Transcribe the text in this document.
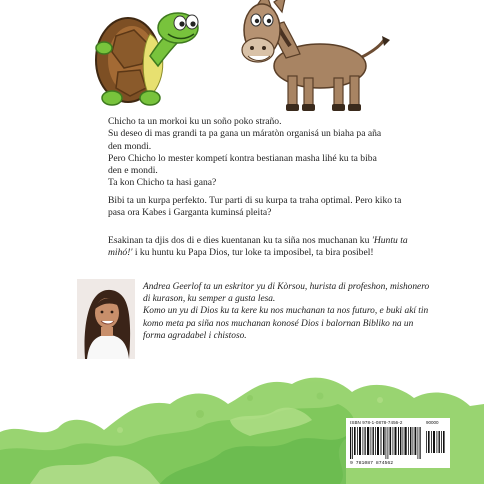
Chicho ta un morkoi ku un soño poko straño.
Su deseo di mas grandi ta pa gana un máratòn organisá un biaha pa aña
den mondi.
Pero Chicho lo mester kompetí kontra bestianan masha lihé ku ta biba
den e mondi.
Ta kon Chicho ta hasi gana?

Bibi ta un kurpa perfekto. Tur parti di su kurpa ta traha optimal. Pero kiko ta pasa ora Kabes i Garganta kuminsá pleita?

Esakinan ta djis dos di e dies kuentanan ku ta siña nos muchanan ku 'Huntu ta mihó!' i ku huntu ku Papa Dios, tur loke ta imposibel, ta bira posibel!

Andrea Geerlof ta un eskritor yu di Kòrsou, hurista di profeshon, mishonero di kurason, ku semper a gusta lesa.

Komo un yu di Dios ku ta kere ku nos muchanan ta nos futuro, e buki akí tin komo meta pa siña nos muchanan konosé Dios i balornan Bibliko na un forma agradabel i chistoso.

ISBN 978-1-0878-7456-2	90000
9 781087 874562
